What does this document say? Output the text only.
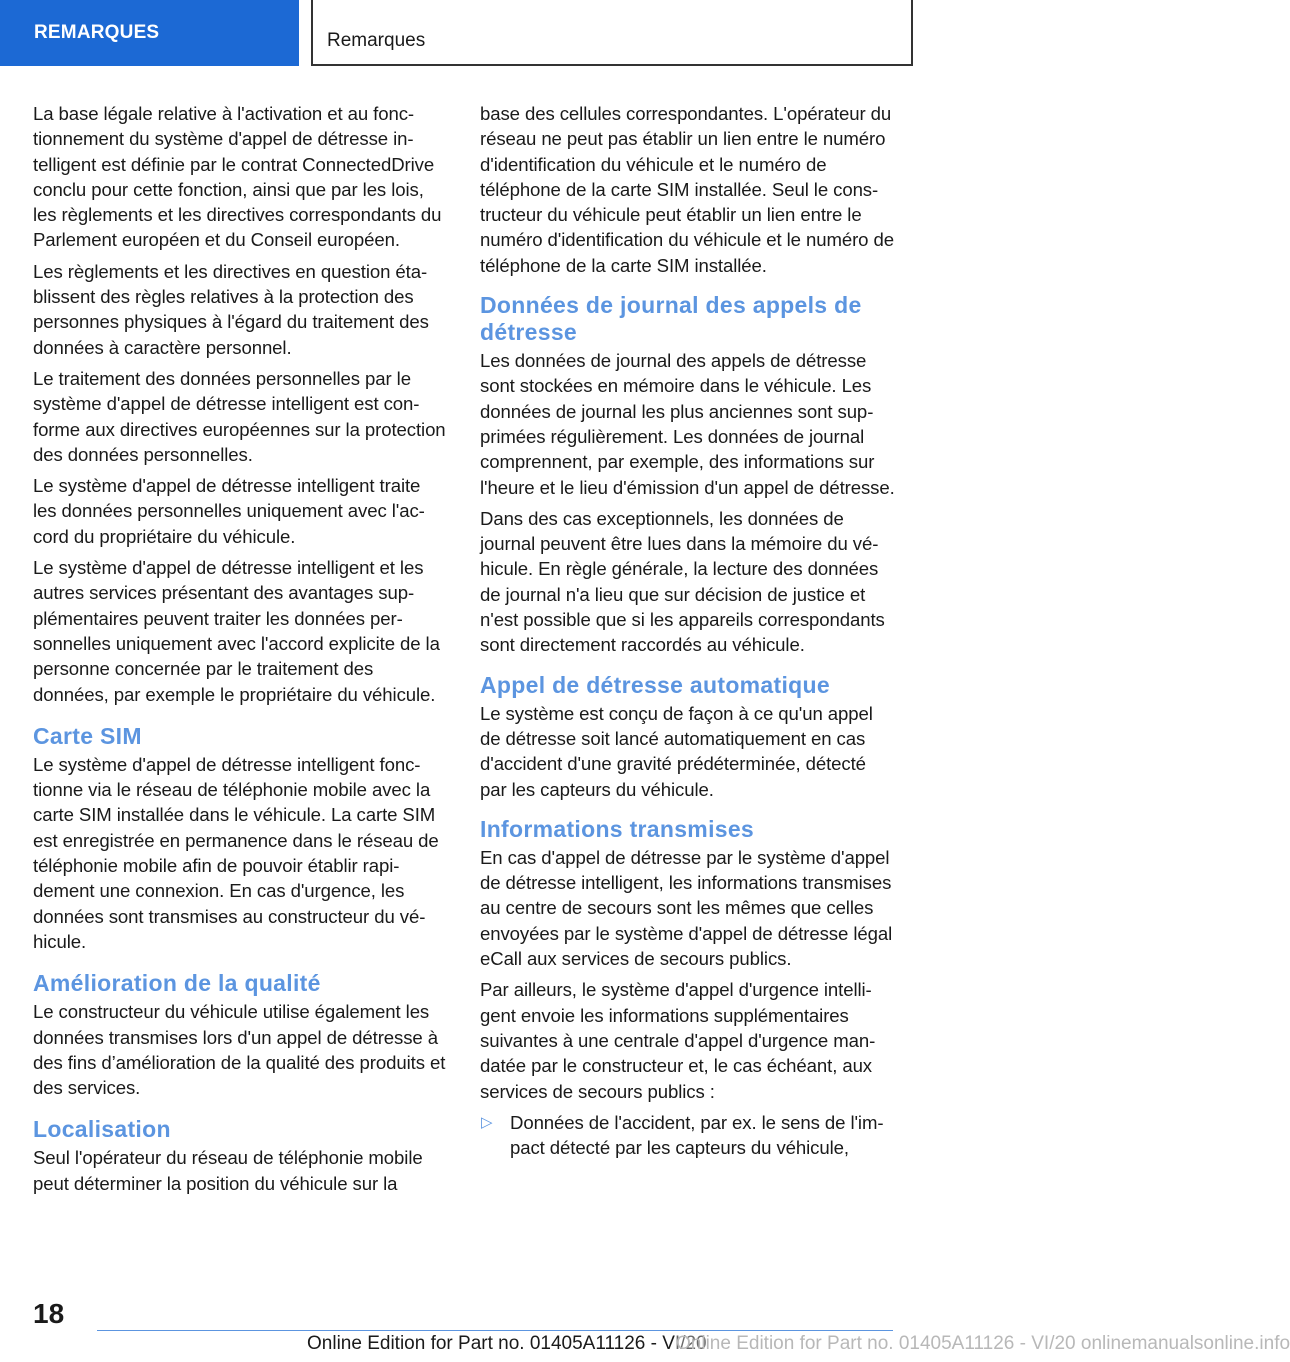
REMARQUES	Remarques

La base légale relative à l'activation et au fonctionnement du système d'appel de détresse intelligent est définie par le contrat ConnectedDrive conclu pour cette fonction, ainsi que par les lois, les règlements et les directives correspondants du Parlement européen et du Conseil européen.

Les règlements et les directives en question établissent des règles relatives à la protection des personnes physiques à l'égard du traitement des données à caractère personnel.

Le traitement des données personnelles par le système d'appel de détresse intelligent est conforme aux directives européennes sur la protection des données personnelles.

Le système d'appel de détresse intelligent traite les données personnelles uniquement avec l'accord du propriétaire du véhicule.

Le système d'appel de détresse intelligent et les autres services présentant des avantages supplémentaires peuvent traiter les données personnelles uniquement avec l'accord explicite de la personne concernée par le traitement des données, par exemple le propriétaire du véhicule.

Carte SIM

Le système d'appel de détresse intelligent fonctionne via le réseau de téléphonie mobile avec la carte SIM installée dans le véhicule. La carte SIM est enregistrée en permanence dans le réseau de téléphonie mobile afin de pouvoir établir rapidement une connexion. En cas d'urgence, les données sont transmises au constructeur du véhicule.

Amélioration de la qualité

Le constructeur du véhicule utilise également les données transmises lors d'un appel de détresse à des fins d’amélioration de la qualité des produits et des services.

Localisation

Seul l'opérateur du réseau de téléphonie mobile peut déterminer la position du véhicule sur la

base des cellules correspondantes. L'opérateur du réseau ne peut pas établir un lien entre le numéro d'identification du véhicule et le numéro de téléphone de la carte SIM installée. Seul le constructeur du véhicule peut établir un lien entre le numéro d'identification du véhicule et le numéro de téléphone de la carte SIM installée.

Données de journal des appels de détresse

Les données de journal des appels de détresse sont stockées en mémoire dans le véhicule. Les données de journal les plus anciennes sont supprimées régulièrement. Les données de journal comprennent, par exemple, des informations sur l'heure et le lieu d'émission d'un appel de détresse.

Dans des cas exceptionnels, les données de journal peuvent être lues dans la mémoire du véhicule. En règle générale, la lecture des données de journal n'a lieu que sur décision de justice et n'est possible que si les appareils correspondants sont directement raccordés au véhicule.

Appel de détresse automatique

Le système est conçu de façon à ce qu'un appel de détresse soit lancé automatiquement en cas d'accident d'une gravité prédéterminée, détecté par les capteurs du véhicule.

Informations transmises

En cas d'appel de détresse par le système d'appel de détresse intelligent, les informations transmises au centre de secours sont les mêmes que celles envoyées par le système d'appel de détresse légal eCall aux services de secours publics.

Par ailleurs, le système d'appel d'urgence intelligent envoie les informations supplémentaires suivantes à une centrale d'appel d'urgence mandatée par le constructeur et, le cas échéant, aux services de secours publics :

▷ Données de l'accident, par ex. le sens de l'impact détecté par les capteurs du véhicule,
18
Online Edition for Part no. 01405A11126 - VI/20
Online Edition for Part no. 01405A11126 - VI/20 onlinemanualsonline.info
